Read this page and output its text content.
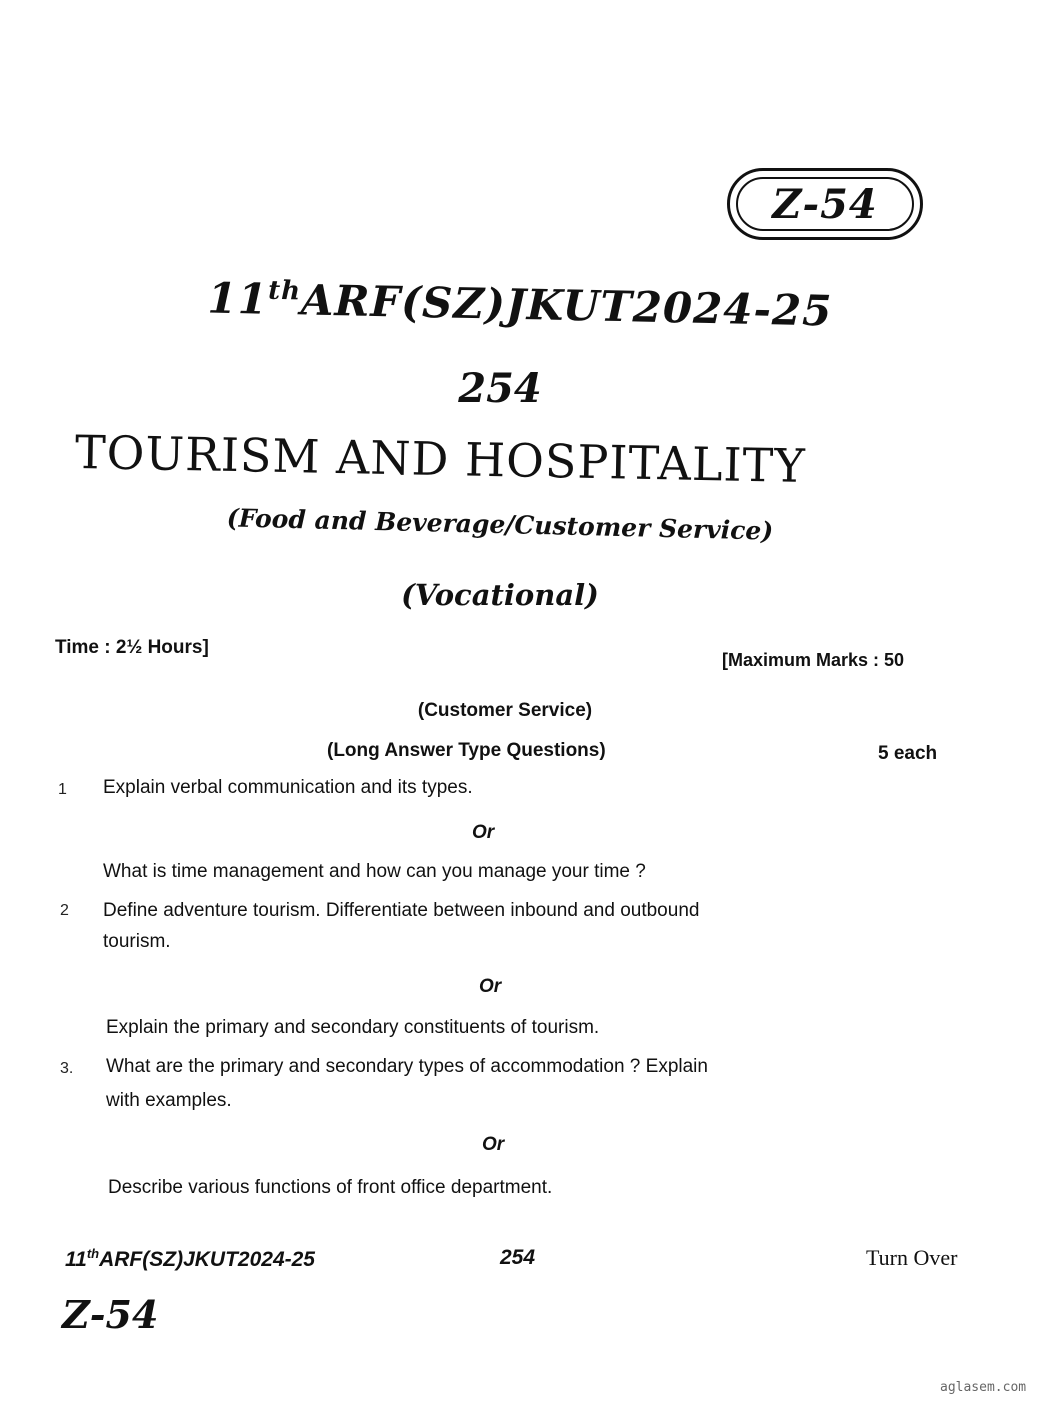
Z-54
11thARF(SZ)JKUT2024-25
254
TOURISM AND HOSPITALITY
(Food and Beverage/Customer Service)
(Vocational)
Time : 2½ Hours]
[Maximum Marks : 50
(Customer Service)
(Long Answer Type Questions)	5 each
1 Explain verbal communication and its types.
Or
What is time management and how can you manage your time ?
2 Define adventure tourism. Differentiate between inbound and outbound
tourism.
Or
Explain the primary and secondary constituents of tourism.
3. What are the primary and secondary types of accommodation ? Explain
with examples.
Or
Describe various functions of front office department.
11thARF(SZ)JKUT2024-25	254	Turn Over
Z-54
aglasem.com
